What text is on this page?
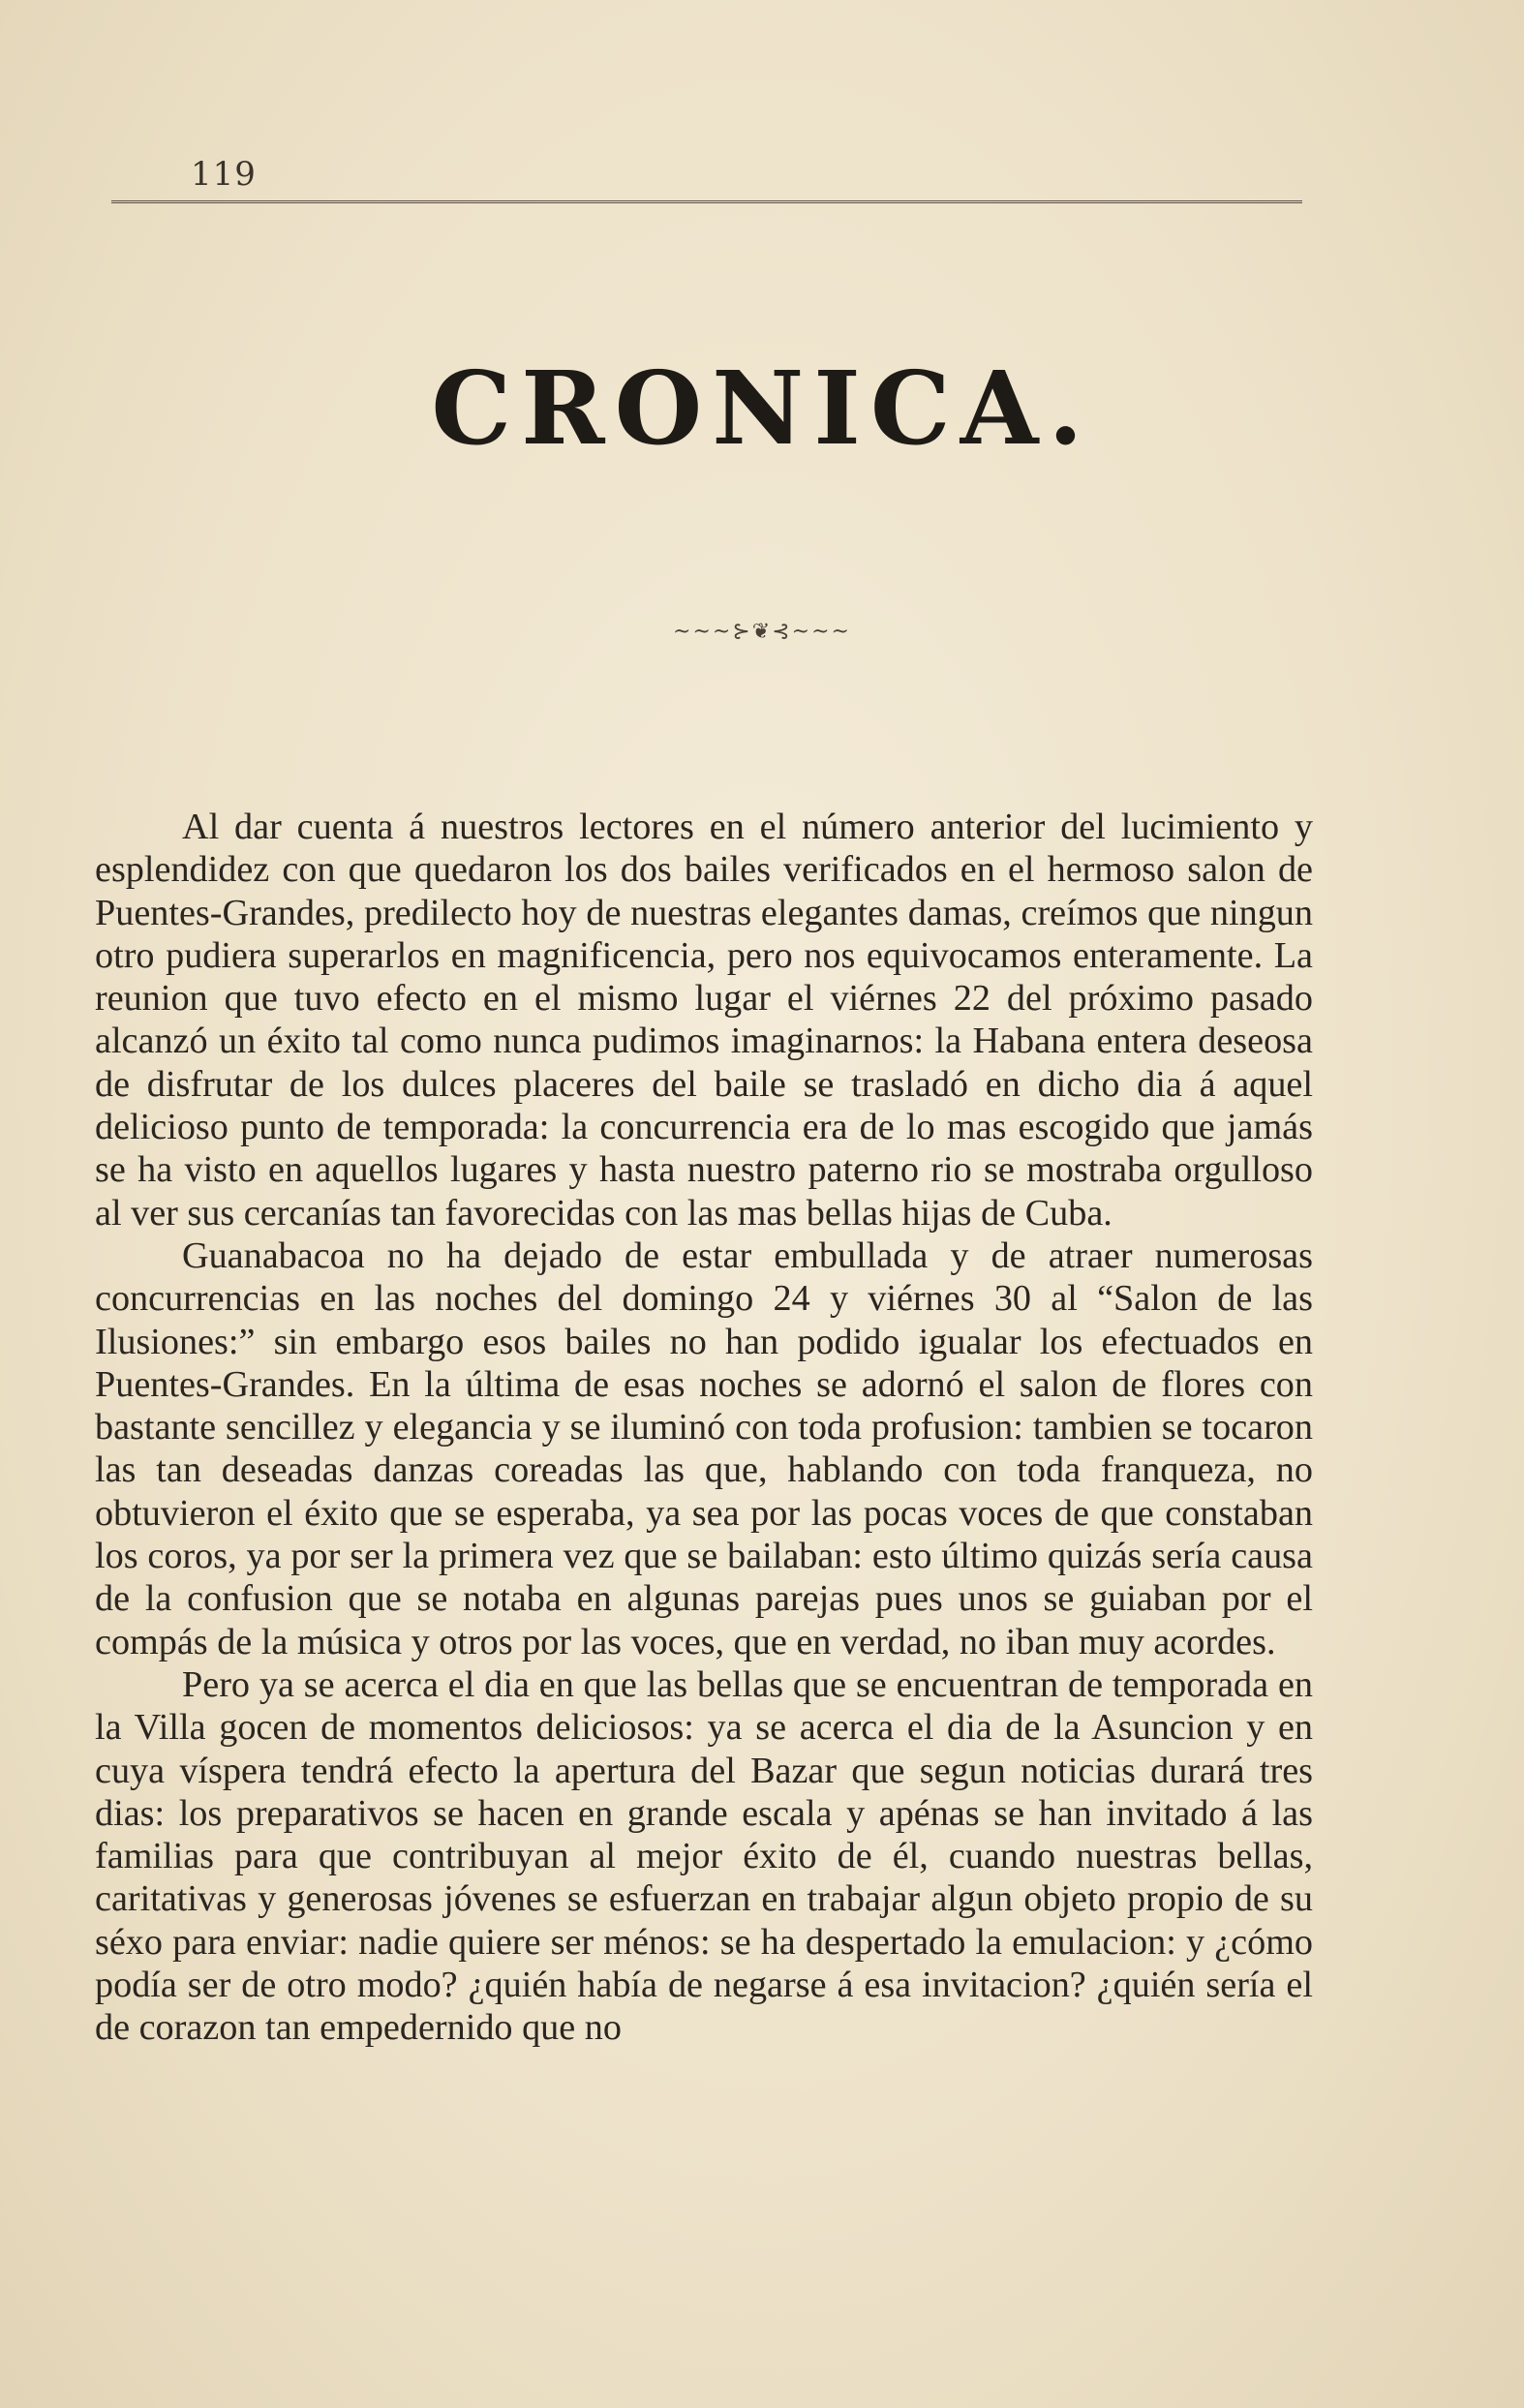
119
CRONICA.
~~~⊱❦⊰~~~

Al dar cuenta á nuestros lectores en el número anterior del lucimiento y esplendidez con que quedaron los dos bailes verificados en el hermoso salon de Puentes-Grandes, predilecto hoy de nuestras elegantes damas, creímos que ningun otro pudiera superarlos en magnificencia, pero nos equivocamos enteramente. La reunion que tuvo efecto en el mismo lugar el viérnes 22 del próximo pasado alcanzó un éxito tal como nunca pudimos imaginarnos: la Habana entera deseosa de disfrutar de los dulces placeres del baile se trasladó en dicho dia á aquel delicioso punto de temporada: la concurrencia era de lo mas escogido que jamás se ha visto en aquellos lugares y hasta nuestro paterno rio se mostraba orgulloso al ver sus cercanías tan favorecidas con las mas bellas hijas de Cuba.

Guanabacoa no ha dejado de estar embullada y de atraer numerosas concurrencias en las noches del domingo 24 y viérnes 30 al “Salon de las Ilusiones:” sin embargo esos bailes no han podido igualar los efectuados en Puentes-Grandes. En la última de esas noches se adornó el salon de flores con bastante sencillez y elegancia y se iluminó con toda profusion: tambien se tocaron las tan deseadas danzas coreadas las que, hablando con toda franqueza, no obtuvieron el éxito que se esperaba, ya sea por las pocas voces de que constaban los coros, ya por ser la primera vez que se bailaban: esto último quizás sería causa de la confusion que se notaba en algunas parejas pues unos se guiaban por el compás de la música y otros por las voces, que en verdad, no iban muy acordes.

Pero ya se acerca el dia en que las bellas que se encuentran de temporada en la Villa gocen de momentos deliciosos: ya se acerca el dia de la Asuncion y en cuya víspera tendrá efecto la apertura del Bazar que segun noticias durará tres dias: los preparativos se hacen en grande escala y apénas se han invitado á las familias para que contribuyan al mejor éxito de él, cuando nuestras bellas, caritativas y generosas jóvenes se esfuerzan en trabajar algun objeto propio de su séxo para enviar: nadie quiere ser ménos: se ha despertado la emulacion: y ¿cómo podía ser de otro modo? ¿quién había de negarse á esa invitacion? ¿quién sería el de corazon tan empedernido que no
